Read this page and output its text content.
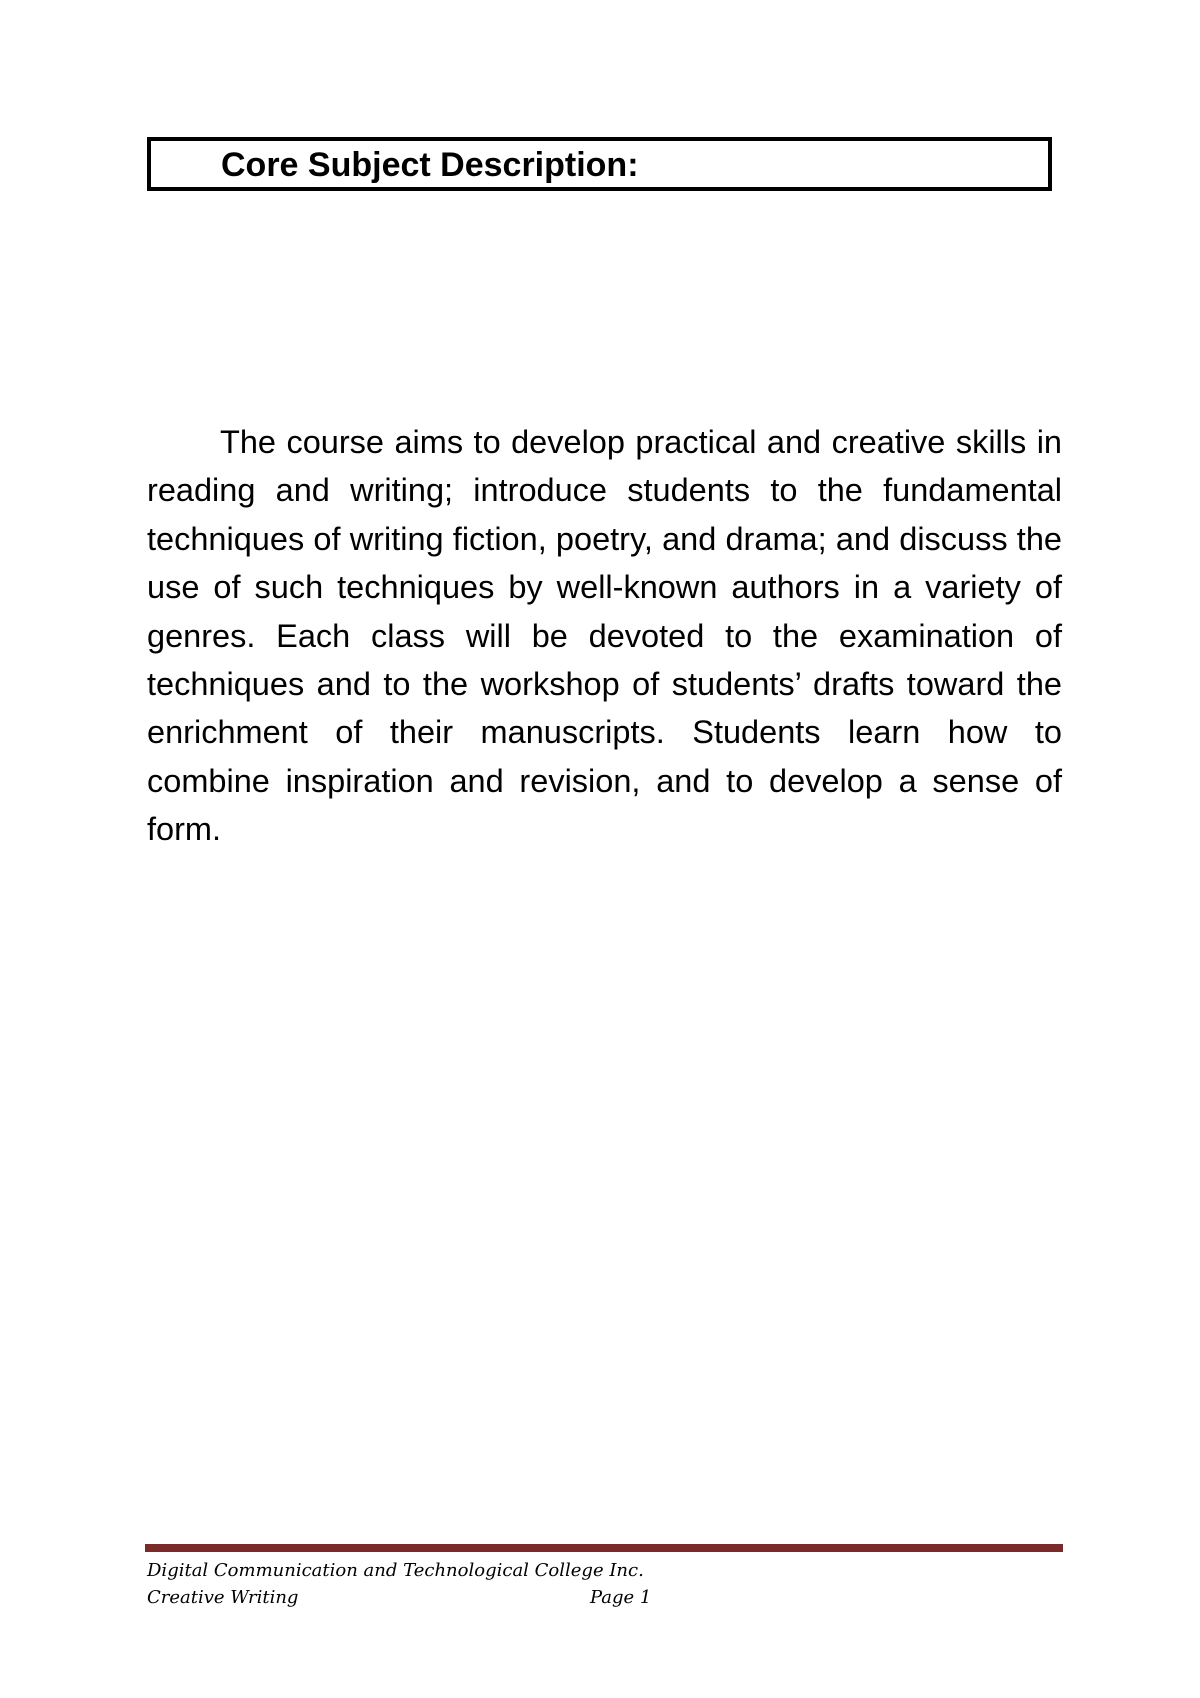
Core Subject Description:

The course aims to develop practical and creative skills in reading and writing; introduce students to the fundamental techniques of writing fiction, poetry, and drama; and discuss the use of such techniques by well-known authors in a variety of genres. Each class will be devoted to the examination of techniques and to the workshop of students’ drafts toward the enrichment of their manuscripts. Students learn how to combine inspiration and revision, and to develop a sense of form.

Digital Communication and Technological College Inc.
Creative Writing	Page 1
